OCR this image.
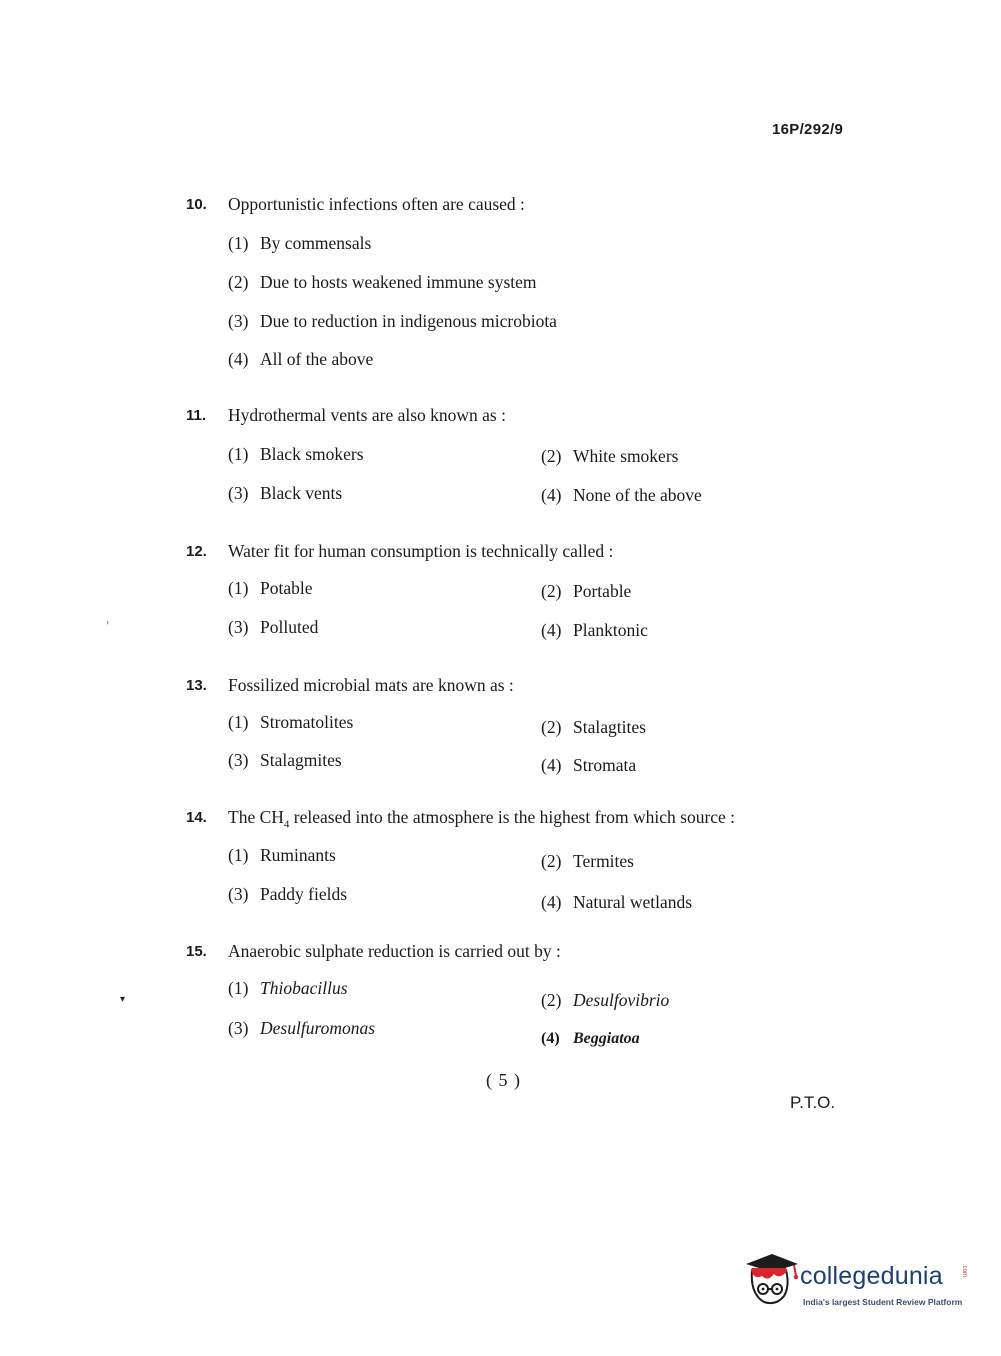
16P/292/9
10. Opportunistic infections often are caused :
(1) By commensals
(2) Due to hosts weakened immune system
(3) Due to reduction in indigenous microbiota
(4) All of the above
11. Hydrothermal vents are also known as :
(1) Black smokers	(2) White smokers
(3) Black vents	(4) None of the above
12. Water fit for human consumption is technically called :
(1) Potable	(2) Portable
(3) Polluted	(4) Planktonic
13. Fossilized microbial mats are known as :
(1) Stromatolites	(2) Stalagtites
(3) Stalagmites	(4) Stromata
14. The $CH_4$ released into the atmosphere is the highest from which source :
(1) Ruminants	(2) Termites
(3) Paddy fields	(4) Natural wetlands
15. Anaerobic sulphate reduction is carried out by :
(1) Thiobacillus
(2) Desulfovibrio
(3) Desulfuromonas
(4) Beggiatoa
( 5 )
P.T.O.
›
▾
collegedunia	.com
India's largest Student Review Platform
